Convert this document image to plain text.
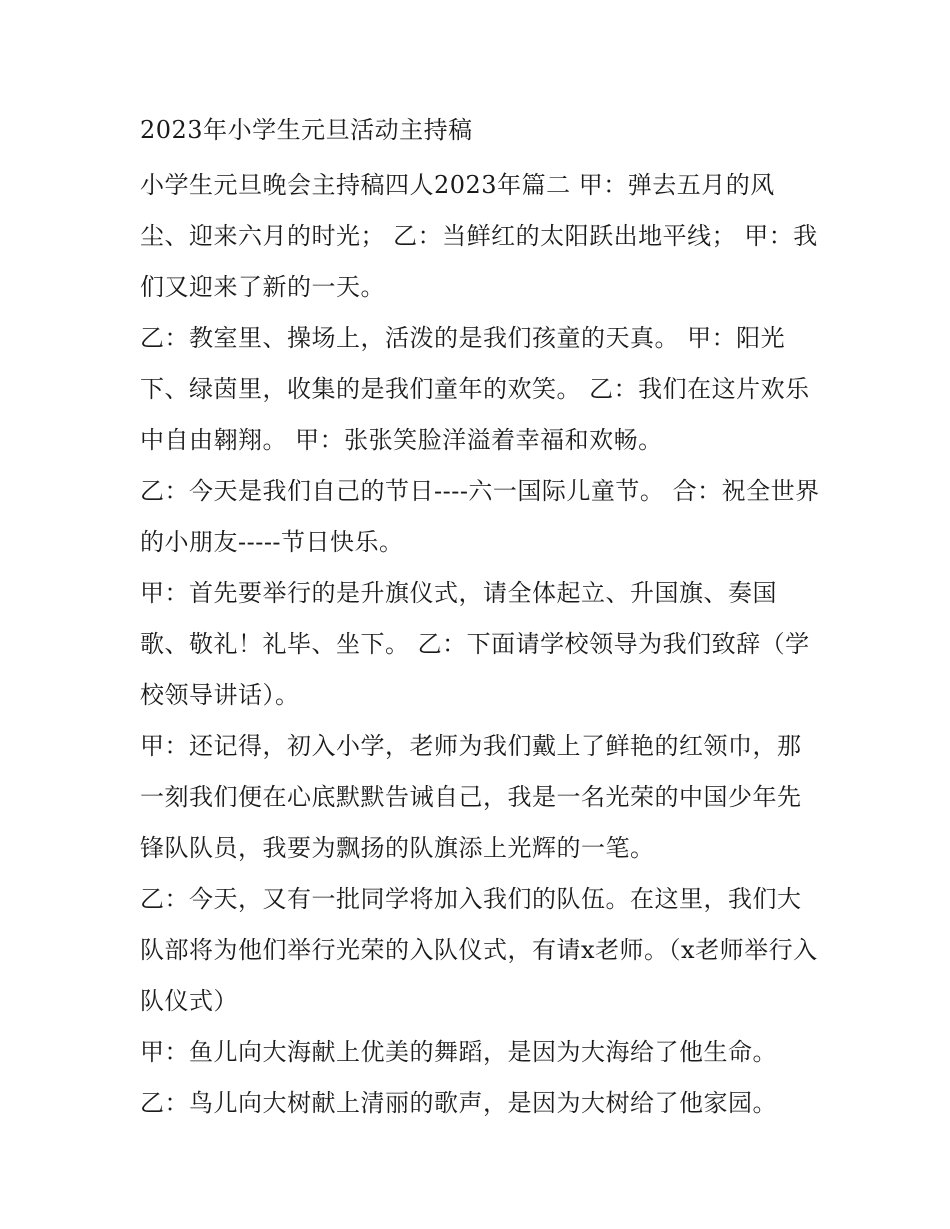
2023年小学生元旦活动主持稿

小学生元旦晚会主持稿四人2023年篇二 甲：弹去五月的风尘、迎来六月的时光； 乙：当鲜红的太阳跃出地平线； 甲：我们又迎来了新的一天。

乙：教室里、操场上，活泼的是我们孩童的天真。 甲：阳光下、绿茵里，收集的是我们童年的欢笑。 乙：我们在这片欢乐中自由翱翔。 甲：张张笑脸洋溢着幸福和欢畅。

乙：今天是我们自己的节日----六一国际儿童节。 合：祝全世界的小朋友-----节日快乐。

甲：首先要举行的是升旗仪式，请全体起立、升国旗、奏国歌、敬礼！礼毕、坐下。 乙：下面请学校领导为我们致辞（学校领导讲话）。

甲：还记得，初入小学，老师为我们戴上了鲜艳的红领巾，那一刻我们便在心底默默告诫自己，我是一名光荣的中国少年先锋队队员，我要为飘扬的队旗添上光辉的一笔。

乙：今天，又有一批同学将加入我们的队伍。在这里，我们大队部将为他们举行光荣的入队仪式，有请x老师。（x老师举行入队仪式）

甲：鱼儿向大海献上优美的舞蹈，是因为大海给了他生命。

乙：鸟儿向大树献上清丽的歌声，是因为大树给了他家园。
